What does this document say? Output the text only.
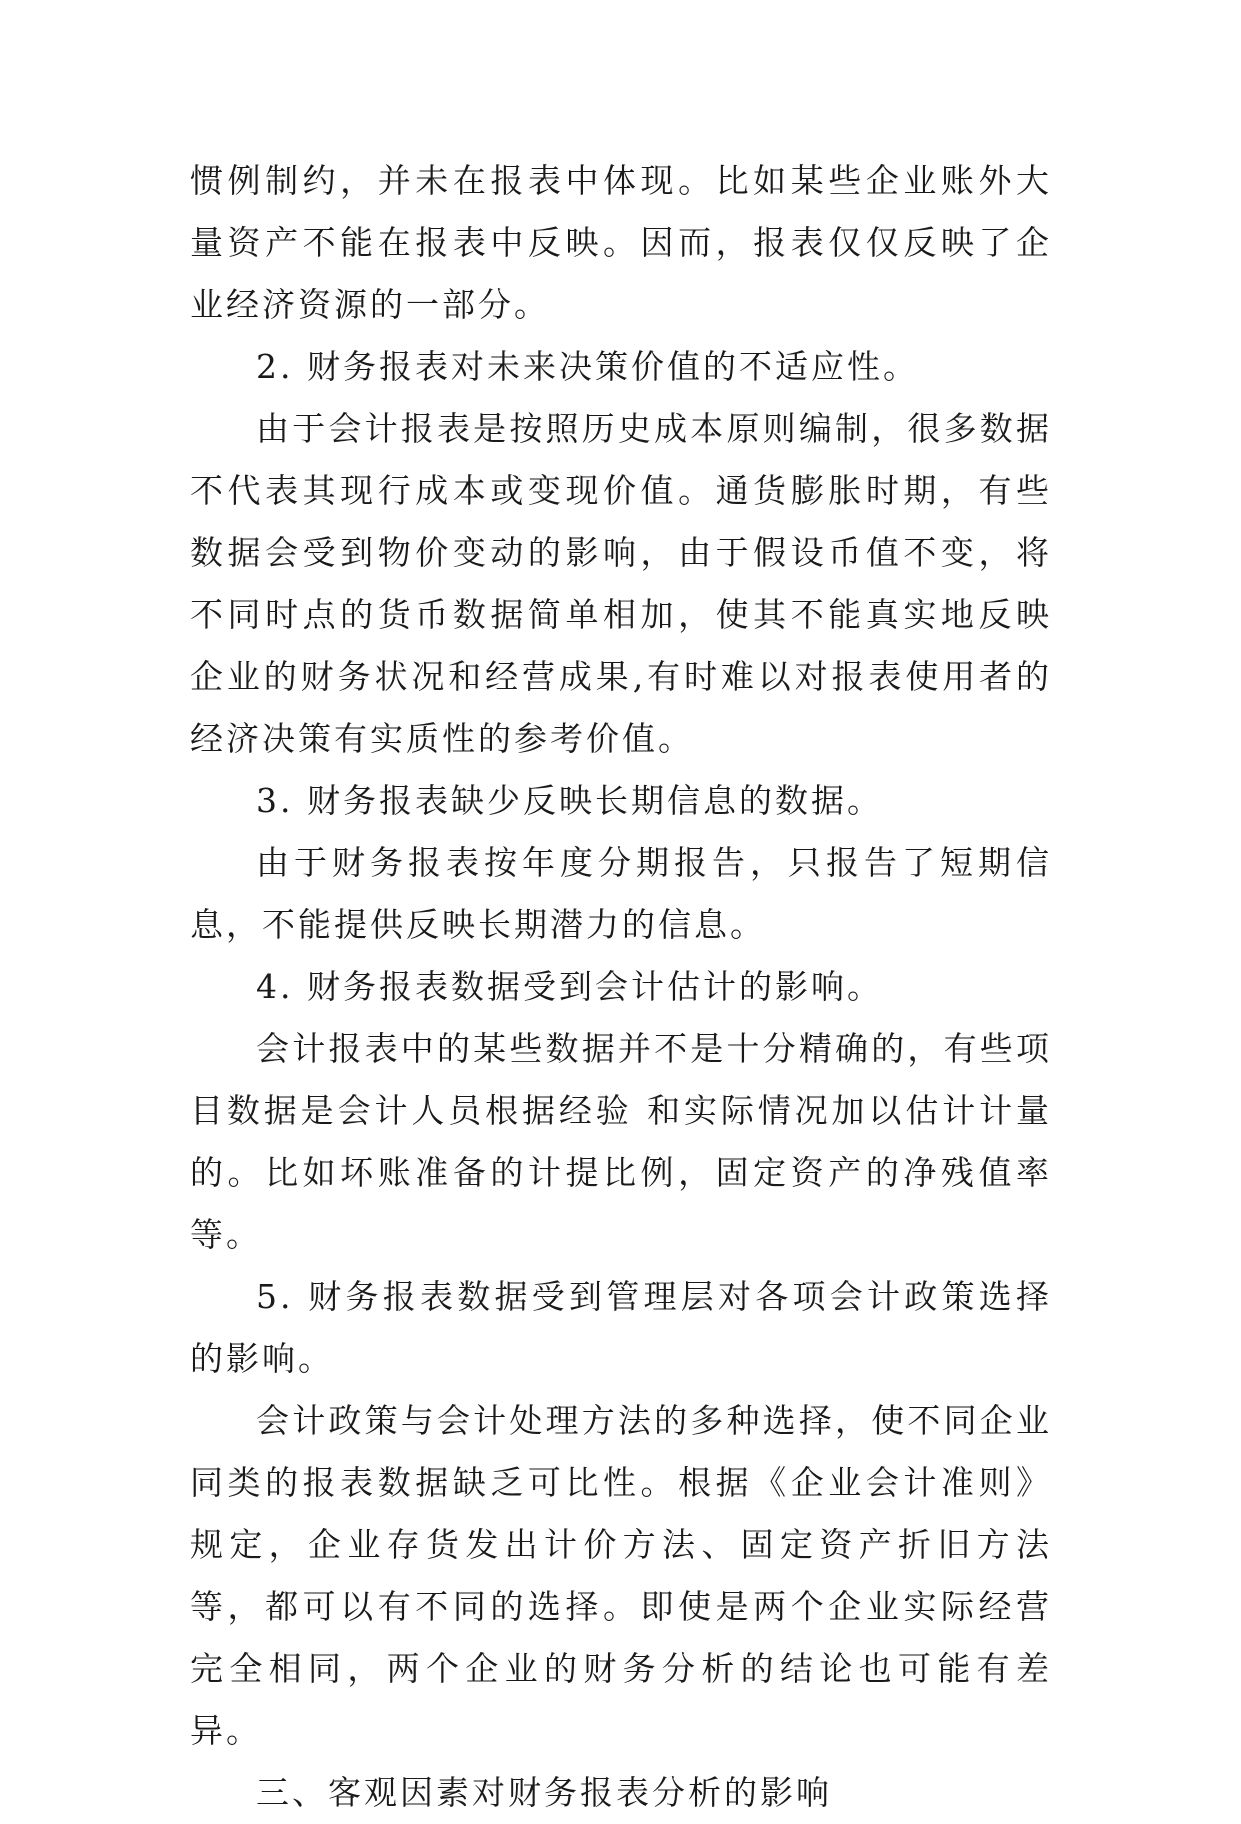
惯例制约，并未在报表中体现。比如某些企业账外大量资产不能在报表中反映。因而，报表仅仅反映了企业经济资源的一部分。

2. 财务报表对未来决策价值的不适应性。

由于会计报表是按照历史成本原则编制，很多数据不代表其现行成本或变现价值。通货膨胀时期，有些数据会受到物价变动的影响，由于假设币值不变，将不同时点的货币数据简单相加，使其不能真实地反映企业的财务状况和经营成果,有时难以对报表使用者的经济决策有实质性的参考价值。

3. 财务报表缺少反映长期信息的数据。

由于财务报表按年度分期报告，只报告了短期信息，不能提供反映长期潜力的信息。

4. 财务报表数据受到会计估计的影响。

会计报表中的某些数据并不是十分精确的，有些项目数据是会计人员根据经验 和实际情况加以估计计量的。比如坏账准备的计提比例，固定资产的净残值率等。

5. 财务报表数据受到管理层对各项会计政策选择的影响。

会计政策与会计处理方法的多种选择，使不同企业同类的报表数据缺乏可比性。根据《企业会计准则》规定，企业存货发出计价方法、固定资产折旧方法等，都可以有不同的选择。即使是两个企业实际经营完全相同，两个企业的财务分析的结论也可能有差异。

三、客观因素对财务报表分析的影响
